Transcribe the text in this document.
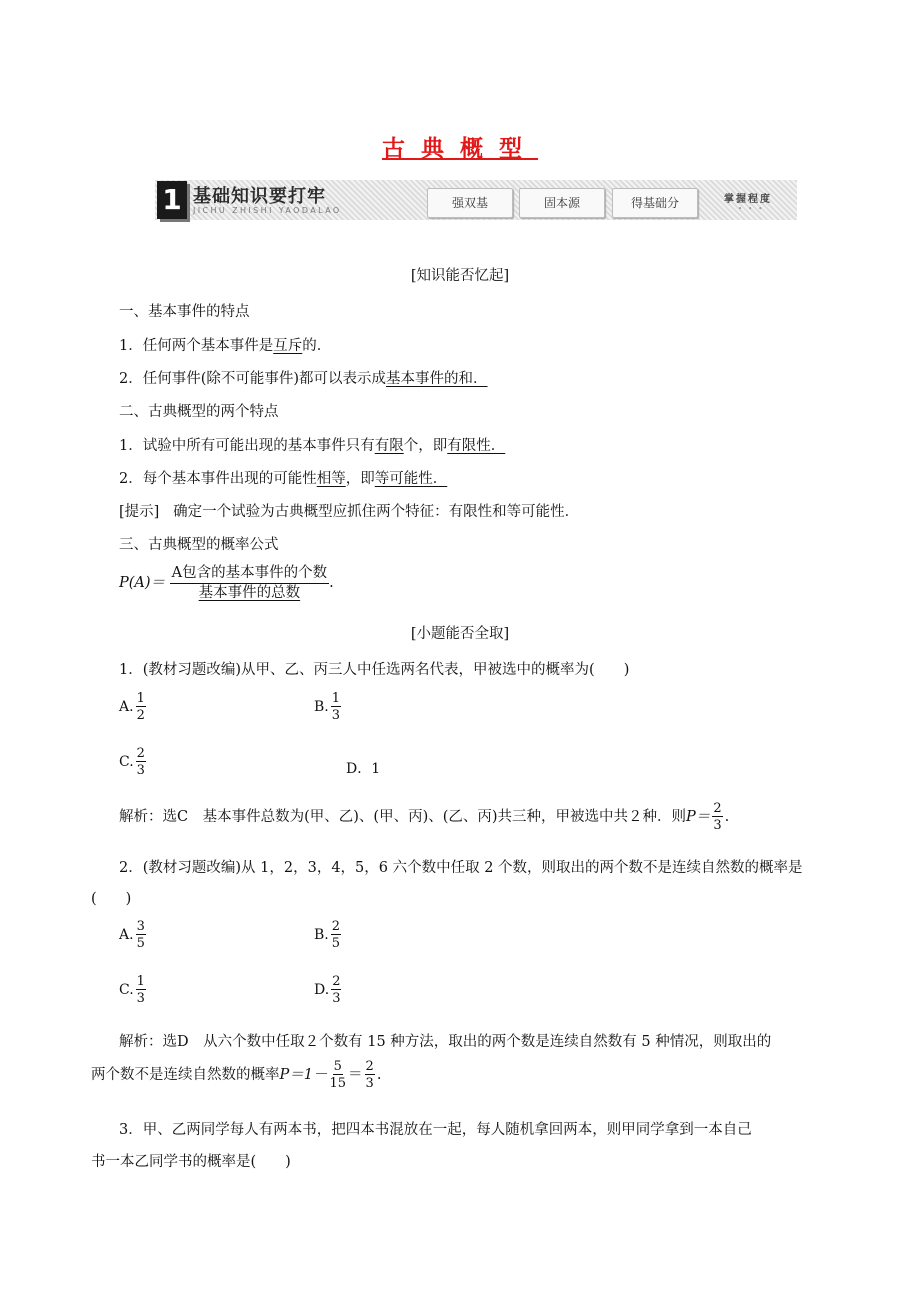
古典概型
1 基础知识要打牢
JICHU ZHISHI YAODALAO
强双基	固本源	得基础分	掌握程度
•••
[知识能否忆起]
一、基本事件的特点
1．任何两个基本事件是互斥的．
2．任何事件(除不可能事件)都可以表示成基本事件的和．
二、古典概型的两个特点
1．试验中所有可能出现的基本事件只有有限个，即有限性．
2．每个基本事件出现的可能性相等，即等可能性．
[提示] 确定一个试验为古典概型应抓住两个特征：有限性和等可能性．
三、古典概型的概率公式
$P(A)= \frac{\text{A包含的基本事件的个数}}{\text{基本事件的总数}}$ .
[小题能否全取]
1．(教材习题改编)从甲、乙、丙三人中任选两名代表，甲被选中的概率为(　　)
A. $\frac{1}{2}$	B. $\frac{1}{3}$
C. $\frac{2}{3}$	D．1
解析：选C　基本事件总数为(甲、乙)、(甲、丙)、(乙、丙)共三种，甲被选中共２种．则$P= \frac{2}{3}$ .
2．(教材习题改编)从 1，2，3，4，5，6 六个数中任取 2 个数，则取出的两个数不是连续自然数的概率是
(　　)
A. $\frac{3}{5}$	B. $\frac{2}{5}$
C. $\frac{1}{3}$	D. $\frac{2}{3}$
解析：选D　从六个数中任取２个数有 15 种方法，取出的两个数是连续自然数有 5 种情况，则取出的
两个数不是连续自然数的概率$P=1- \frac{5}{15} = \frac{2}{3}$ .
3．甲、乙两同学每人有两本书，把四本书混放在一起，每人随机拿回两本，则甲同学拿到一本自己
书一本乙同学书的概率是(　　)
